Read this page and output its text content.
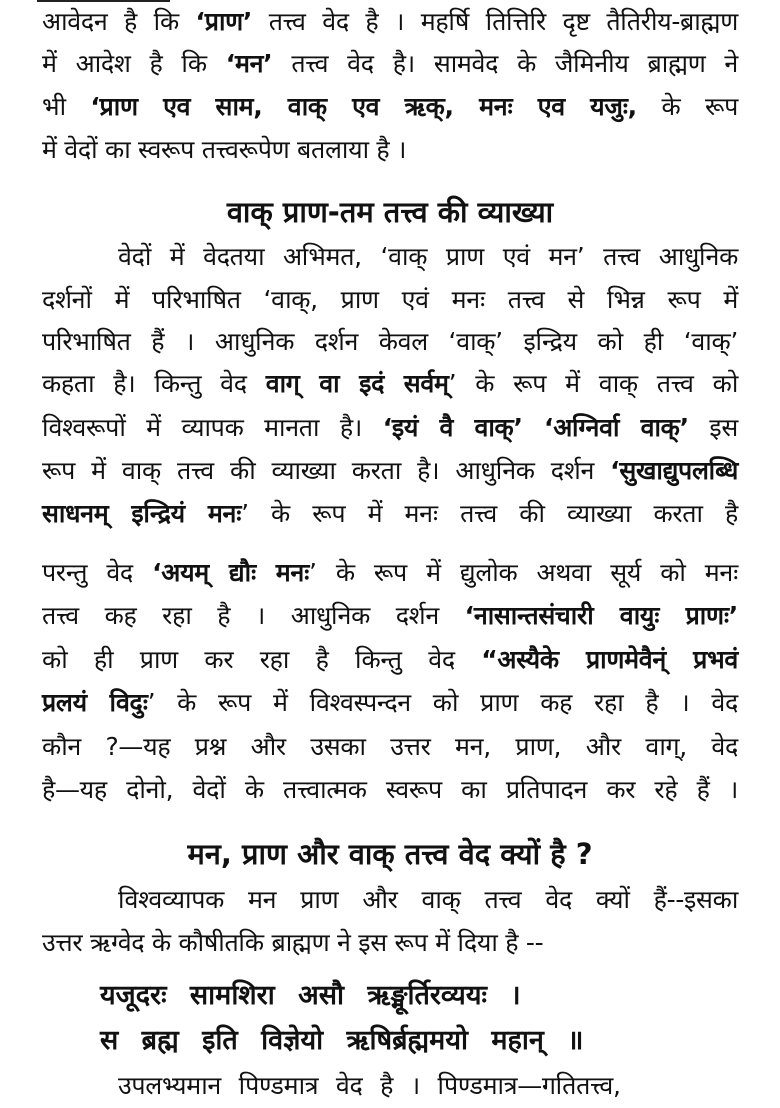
आवेदन है कि ‘प्राण’ तत्त्व वेद है । महर्षि तित्तिरि दृष्ट तैतिरीय-ब्राह्मण
में आदेश है कि ‘मन’ तत्त्व वेद है। सामवेद के जैमिनीय ब्राह्मण ने
भी ‘प्राण एव साम, वाक् एव ऋक्, मनः एव यजुः, के रूप
में वेदों का स्वरूप तत्त्वरूपेण बतलाया है ।
वाक् प्राण-तम तत्त्व की व्याख्या
वेदों में वेदतया अभिमत, ‘वाक् प्राण एवं मन’ तत्त्व आधुनिक
दर्शनों में परिभाषित ‘वाक्, प्राण एवं मनः तत्त्व से भिन्न रूप में
परिभाषित हैं । आधुनिक दर्शन केवल ‘वाक्’ इन्द्रिय को ही ‘वाक्’
कहता है। किन्तु वेद वाग् वा इदं सर्वम्’ के रूप में वाक् तत्त्व को
विश्वरूपों में व्यापक मानता है। ‘इयं वै वाक्’ ‘अग्निर्वा वाक्’ इस
रूप में वाक् तत्त्व की व्याख्या करता है। आधुनिक दर्शन ‘सुखाद्युपलब्धि
साधनम् इन्द्रियं मनः’ के रूप में मनः तत्त्व की व्याख्या करता है
परन्तु वेद ‘अयम् द्यौः मनः’ के रूप में द्युलोक अथवा सूर्य को मनः
तत्त्व कह रहा है । आधुनिक दर्शन ‘नासान्तसंचारी वायुः प्राणः’
को ही प्राण कर रहा है किन्तु वेद “अस्यैके प्राणमेवैन्ं प्रभवं
प्रलयं विदुः’ के रूप में विश्वस्पन्दन को प्राण कह रहा है । वेद
कौन ?—यह प्रश्न और उसका उत्तर मन, प्राण, और वाग्, वेद
है—यह दोनो, वेदों के तत्त्वात्मक स्वरूप का प्रतिपादन कर रहे हैं ।
मन, प्राण और वाक् तत्त्व वेद क्यों है ?
विश्वव्यापक मन प्राण और वाक् तत्त्व वेद क्यों हैं--इसका
उत्तर ऋग्वेद के कौषीतकि ब्राह्मण ने इस रूप में दिया है --
यजूदरः सामशिरा असौ ऋङ्मूर्तिरव्ययः ।
स ब्रह्म इति विज्ञेयो ऋषिर्ब्रह्ममयो महान् ॥
उपलभ्यमान पिण्डमात्र वेद है । पिण्डमात्र—गतितत्त्व,
